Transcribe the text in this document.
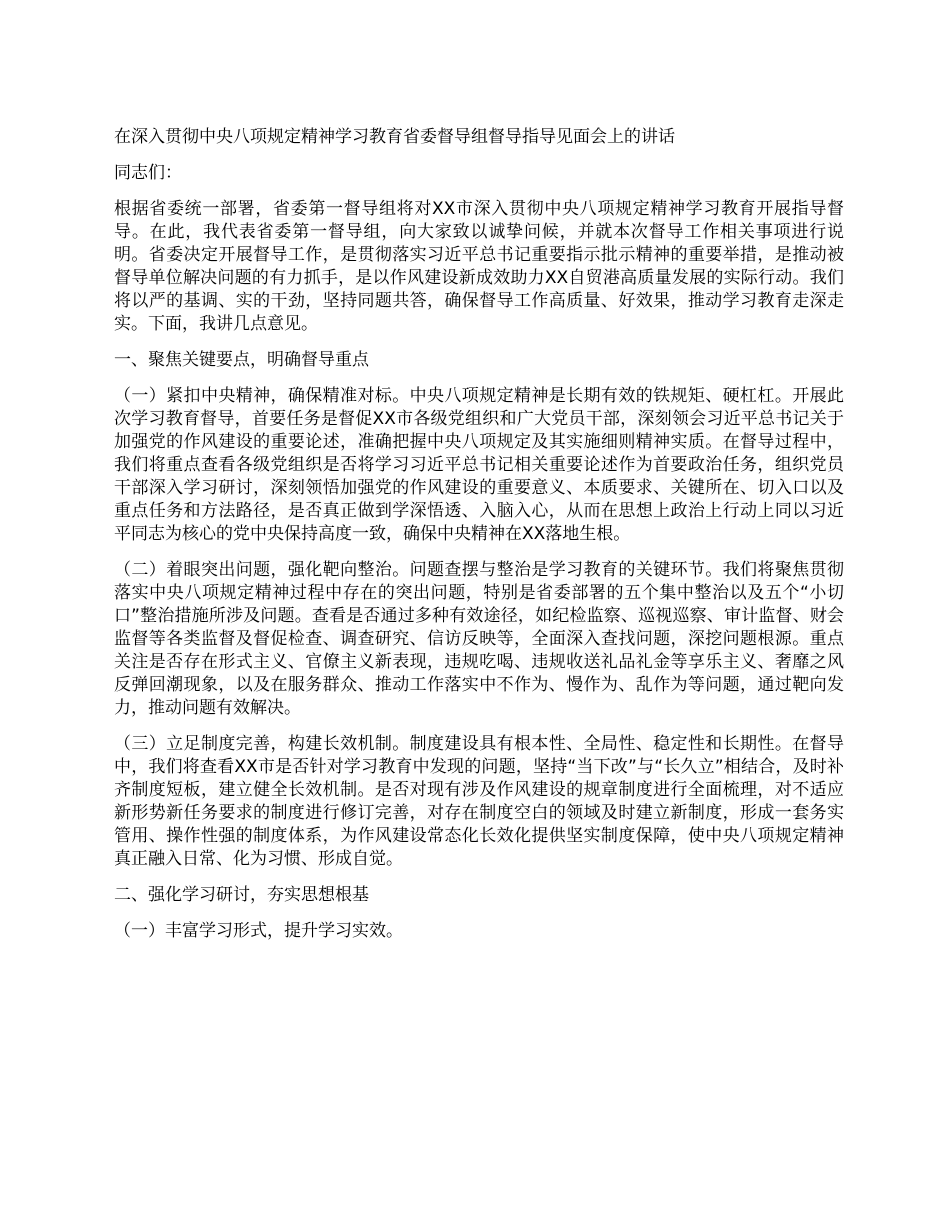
在深入贯彻中央八项规定精神学习教育省委督导组督导指导见面会上的讲话
同志们：
根据省委统一部署，省委第一督导组将对XX市深入贯彻中央八项规定精神学习教育开展指导督导。在此，我代表省委第一督导组，向大家致以诚挚问候，并就本次督导工作相关事项进行说明。省委决定开展督导工作，是贯彻落实习近平总书记重要指示批示精神的重要举措，是推动被督导单位解决问题的有力抓手，是以作风建设新成效助力XX自贸港高质量发展的实际行动。我们将以严的基调、实的干劲，坚持同题共答，确保督导工作高质量、好效果，推动学习教育走深走实。下面，我讲几点意见。
一、聚焦关键要点，明确督导重点
（一）紧扣中央精神，确保精准对标。中央八项规定精神是长期有效的铁规矩、硬杠杠。开展此次学习教育督导，首要任务是督促XX市各级党组织和广大党员干部，深刻领会习近平总书记关于加强党的作风建设的重要论述，准确把握中央八项规定及其实施细则精神实质。在督导过程中，我们将重点查看各级党组织是否将学习习近平总书记相关重要论述作为首要政治任务，组织党员干部深入学习研讨，深刻领悟加强党的作风建设的重要意义、本质要求、关键所在、切入口以及重点任务和方法路径，是否真正做到学深悟透、入脑入心，从而在思想上政治上行动上同以习近平同志为核心的党中央保持高度一致，确保中央精神在XX落地生根。
（二）着眼突出问题，强化靶向整治。问题查摆与整治是学习教育的关键环节。我们将聚焦贯彻落实中央八项规定精神过程中存在的突出问题，特别是省委部署的五个集中整治以及五个“小切口”整治措施所涉及问题。查看是否通过多种有效途径，如纪检监察、巡视巡察、审计监督、财会监督等各类监督及督促检查、调查研究、信访反映等，全面深入查找问题，深挖问题根源。重点关注是否存在形式主义、官僚主义新表现，违规吃喝、违规收送礼品礼金等享乐主义、奢靡之风反弹回潮现象，以及在服务群众、推动工作落实中不作为、慢作为、乱作为等问题，通过靶向发力，推动问题有效解决。
（三）立足制度完善，构建长效机制。制度建设具有根本性、全局性、稳定性和长期性。在督导中，我们将查看XX市是否针对学习教育中发现的问题，坚持“当下改”与“长久立”相结合，及时补齐制度短板，建立健全长效机制。是否对现有涉及作风建设的规章制度进行全面梳理，对不适应新形势新任务要求的制度进行修订完善，对存在制度空白的领域及时建立新制度，形成一套务实管用、操作性强的制度体系，为作风建设常态化长效化提供坚实制度保障，使中央八项规定精神真正融入日常、化为习惯、形成自觉。
二、强化学习研讨，夯实思想根基
（一）丰富学习形式，提升学习实效。
